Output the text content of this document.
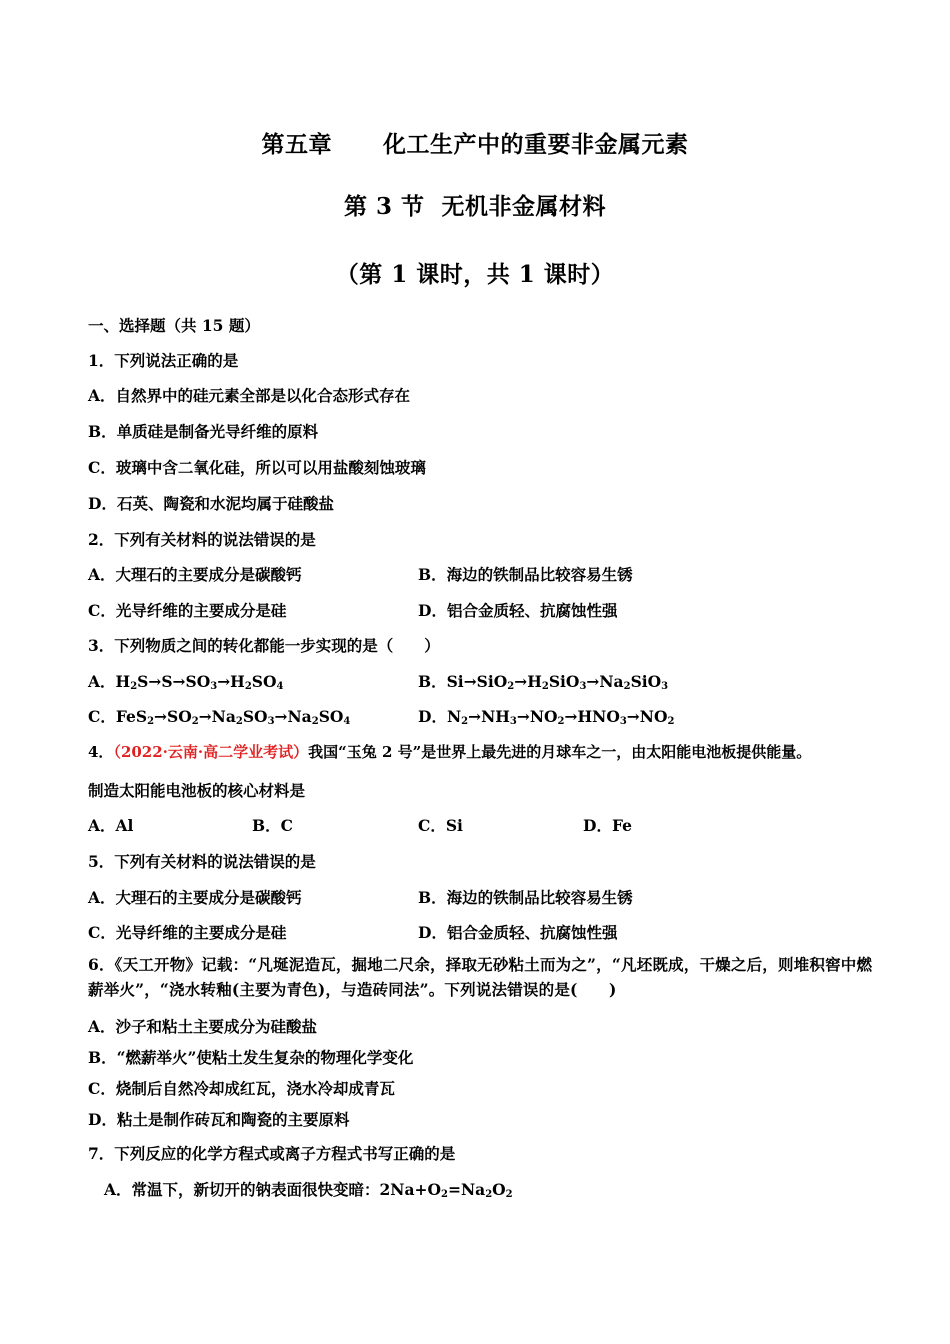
第五章 化工生产中的重要非金属元素
第 3 节  无机非金属材料
（第 1 课时，共 1 课时）
一、选择题（共 15 题）
1．下列说法正确的是
A．自然界中的硅元素全部是以化合态形式存在
B．单质硅是制备光导纤维的原料
C．玻璃中含二氧化硅，所以可以用盐酸刻蚀玻璃
D．石英、陶瓷和水泥均属于硅酸盐
2．下列有关材料的说法错误的是
A．大理石的主要成分是碳酸钙	B．海边的铁制品比较容易生锈
C．光导纤维的主要成分是硅	D．铝合金质轻、抗腐蚀性强
3．下列物质之间的转化都能一步实现的是（　　）
A．$H_2S\to S\to SO_3\to H_2SO_4$	B．$Si\to SiO_2\to H_2SiO_3\to Na_2SiO_3$
C．$FeS_2\to SO_2\to Na_2SO_3\to Na_2SO_4$	D．$N_2\to NH_3\to NO_2\to HNO_3\to NO_2$
4．（2022·云南·高二学业考试）我国“玉兔 2 号”是世界上最先进的月球车之一，由太阳能电池板提供能量。
制造太阳能电池板的核心材料是
A．Al	B．C	C．Si	D．Fe
5．下列有关材料的说法错误的是
A．大理石的主要成分是碳酸钙	B．海边的铁制品比较容易生锈
C．光导纤维的主要成分是硅	D．铝合金质轻、抗腐蚀性强
6．《天工开物》记载：“凡埏泥造瓦，掘地二尺余，择取无砂粘土而为之”，“凡坯既成，干燥之后，则堆积窖中燃薪举火”，“浇水转釉(主要为青色)，与造砖同法”。下列说法错误的是(　　)
A．沙子和粘土主要成分为硅酸盐
B．“燃薪举火”使粘土发生复杂的物理化学变化
C．烧制后自然冷却成红瓦，浇水冷却成青瓦
D．粘土是制作砖瓦和陶瓷的主要原料
7．下列反应的化学方程式或离子方程式书写正确的是
A．常温下，新切开的钠表面很快变暗：$2Na+O_2=Na_2O_2$
